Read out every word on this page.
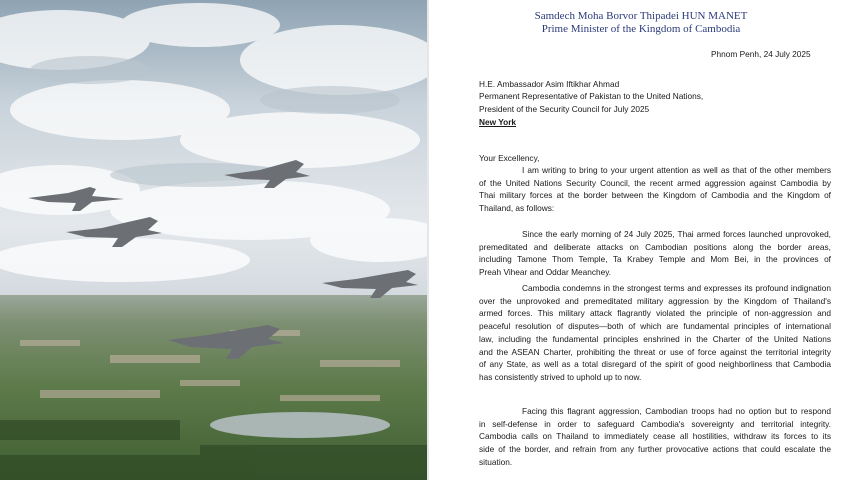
Samdech Moha Borvor Thipadei HUN MANET
Prime Minister of the Kingdom of Cambodia
Phnom Penh, 24 July 2025
H.E. Ambassador Asim Iftikhar Ahmad
Permanent Representative of Pakistan to the United Nations,
President of the Security Council for July 2025
New York
Your Excellency,
I am writing to bring to your urgent attention as well as that of the other members
of the United Nations Security Council, the recent armed aggression against Cambodia by
Thai military forces at the border between the Kingdom of Cambodia and the Kingdom of
Thailand, as follows:
Since the early morning of 24 July 2025, Thai armed forces launched unprovoked,
premeditated and deliberate attacks on Cambodian positions along the border areas,
including Tamone Thom Temple, Ta Krabey Temple and Mom Bei, in the provinces of
Preah Vihear and Oddar Meanchey.
Cambodia condemns in the strongest terms and expresses its profound indignation
over the unprovoked and premeditated military aggression by the Kingdom of Thailand's
armed forces. This military attack flagrantly violated the principle of non-aggression and
peaceful resolution of disputes—both of which are fundamental principles of international
law, including the fundamental principles enshrined in the Charter of the United Nations
and the ASEAN Charter, prohibiting the threat or use of force against the territorial integrity
of any State, as well as a total disregard of the spirit of good neighborliness that Cambodia
has consistently strived to uphold up to now.
Facing this flagrant aggression, Cambodian troops had no option but to respond
in self-defense in order to safeguard Cambodia's sovereignty and territorial integrity.
Cambodia calls on Thailand to immediately cease all hostilities, withdraw its forces to its
side of the border, and refrain from any further provocative actions that could escalate the
situation.
